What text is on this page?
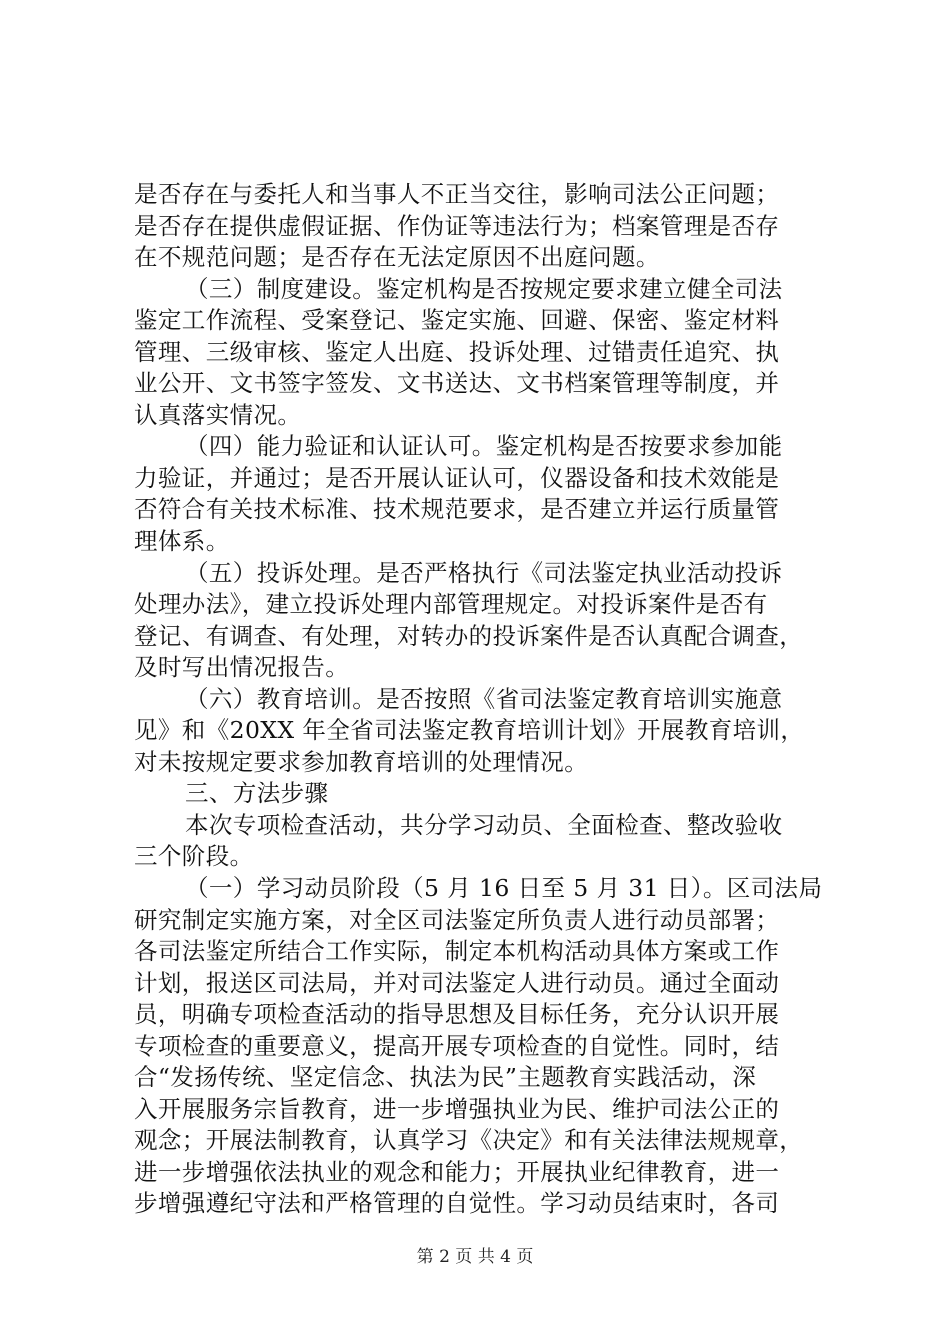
是否存在与委托人和当事人不正当交往，影响司法公正问题；
是否存在提供虚假证据、作伪证等违法行为；档案管理是否存
在不规范问题；是否存在无法定原因不出庭问题。
（三）制度建设。鉴定机构是否按规定要求建立健全司法
鉴定工作流程、受案登记、鉴定实施、回避、保密、鉴定材料
管理、三级审核、鉴定人出庭、投诉处理、过错责任追究、执
业公开、文书签字签发、文书送达、文书档案管理等制度，并
认真落实情况。
（四）能力验证和认证认可。鉴定机构是否按要求参加能
力验证，并通过；是否开展认证认可，仪器设备和技术效能是
否符合有关技术标准、技术规范要求，是否建立并运行质量管
理体系。
（五）投诉处理。是否严格执行《司法鉴定执业活动投诉
处理办法》，建立投诉处理内部管理规定。对投诉案件是否有
登记、有调查、有处理，对转办的投诉案件是否认真配合调查，
及时写出情况报告。
（六）教育培训。是否按照《省司法鉴定教育培训实施意
见》和《20XX 年全省司法鉴定教育培训计划》开展教育培训，
对未按规定要求参加教育培训的处理情况。
三、方法步骤
本次专项检查活动，共分学习动员、全面检查、整改验收
三个阶段。
（一）学习动员阶段（5 月 16 日至 5 月 31 日）。区司法局
研究制定实施方案，对全区司法鉴定所负责人进行动员部署；
各司法鉴定所结合工作实际，制定本机构活动具体方案或工作
计划，报送区司法局，并对司法鉴定人进行动员。通过全面动
员，明确专项检查活动的指导思想及目标任务，充分认识开展
专项检查的重要意义，提高开展专项检查的自觉性。同时，结
合“发扬传统、坚定信念、执法为民”主题教育实践活动，深
入开展服务宗旨教育，进一步增强执业为民、维护司法公正的
观念；开展法制教育，认真学习《决定》和有关法律法规规章，
进一步增强依法执业的观念和能力；开展执业纪律教育，进一
步增强遵纪守法和严格管理的自觉性。学习动员结束时，各司
第 2 页 共 4 页
